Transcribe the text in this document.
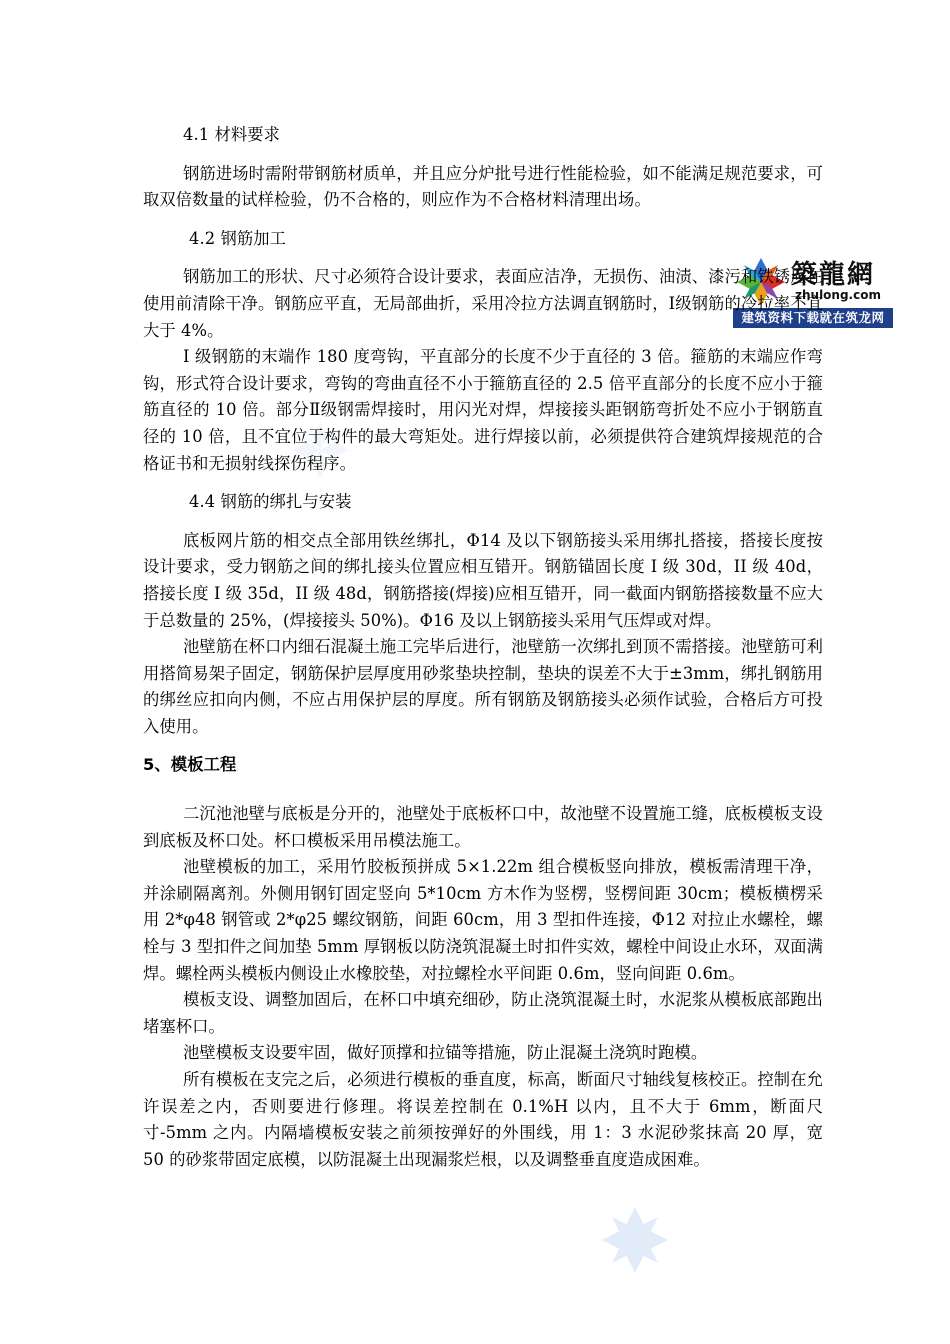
築龍網
zhulong.com
建筑资料下载就在筑龙网

4.1 材料要求

钢筋进场时需附带钢筋材质单，并且应分炉批号进行性能检验，如不能满足规范要求，可取双倍数量的试样检验，仍不合格的，则应作为不合格材料清理出场。

4.2 钢筋加工

钢筋加工的形状、尺寸必须符合设计要求，表面应洁净，无损伤、油渍、漆污和铁锈应在使用前清除干净。钢筋应平直，无局部曲折，采用冷拉方法调直钢筋时，Ⅰ级钢筋的冷拉率不宜大于 4%。

I 级钢筋的末端作 180 度弯钩，平直部分的长度不少于直径的 3 倍。箍筋的末端应作弯钩，形式符合设计要求，弯钩的弯曲直径不小于箍筋直径的 2.5 倍平直部分的长度不应小于箍筋直径的 10 倍。部分Ⅱ级钢需焊接时，用闪光对焊，焊接接头距钢筋弯折处不应小于钢筋直径的 10 倍，且不宜位于构件的最大弯矩处。进行焊接以前，必须提供符合建筑焊接规范的合格证书和无损射线探伤程序。

4.4 钢筋的绑扎与安装

底板网片筋的相交点全部用铁丝绑扎，Φ14 及以下钢筋接头采用绑扎搭接，搭接长度按设计要求，受力钢筋之间的绑扎接头位置应相互错开。钢筋锚固长度 I 级 30d，II 级 40d，搭接长度 I 级 35d，II 级 48d，钢筋搭接(焊接)应相互错开，同一截面内钢筋搭接数量不应大于总数量的 25%，(焊接接头 50%)。Φ16 及以上钢筋接头采用气压焊或对焊。

池壁筋在杯口内细石混凝土施工完毕后进行，池壁筋一次绑扎到顶不需搭接。池壁筋可利用搭简易架子固定，钢筋保护层厚度用砂浆垫块控制，垫块的误差不大于±3mm，绑扎钢筋用的绑丝应扣向内侧，不应占用保护层的厚度。所有钢筋及钢筋接头必须作试验，合格后方可投入使用。

5、模板工程

二沉池池壁与底板是分开的，池壁处于底板杯口中，故池壁不设置施工缝，底板模板支设到底板及杯口处。杯口模板采用吊模法施工。

池壁模板的加工，采用竹胶板预拼成 5×1.22m 组合模板竖向排放，模板需清理干净，并涂刷隔离剂。外侧用钢钉固定竖向 5*10cm 方木作为竖楞，竖楞间距 30cm；模板横楞采用 2*φ48 钢管或 2*φ25 螺纹钢筋，间距 60cm，用 3 型扣件连接，Φ12 对拉止水螺栓，螺栓与 3 型扣件之间加垫 5mm 厚钢板以防浇筑混凝土时扣件实效，螺栓中间设止水环，双面满焊。螺栓两头模板内侧设止水橡胶垫，对拉螺栓水平间距 0.6m，竖向间距 0.6m。

模板支设、调整加固后，在杯口中填充细砂，防止浇筑混凝土时，水泥浆从模板底部跑出堵塞杯口。

池壁模板支设要牢固，做好顶撑和拉锚等措施，防止混凝土浇筑时跑模。

所有模板在支完之后，必须进行模板的垂直度，标高，断面尺寸轴线复核校正。控制在允许误差之内，否则要进行修理。将误差控制在 0.1%H 以内，且不大于 6mm，断面尺寸-5mm 之内。内隔墙模板安装之前须按弹好的外围线，用 1：3 水泥砂浆抹高 20 厚，宽 50 的砂浆带固定底模，以防混凝土出现漏浆烂根，以及调整垂直度造成困难。
